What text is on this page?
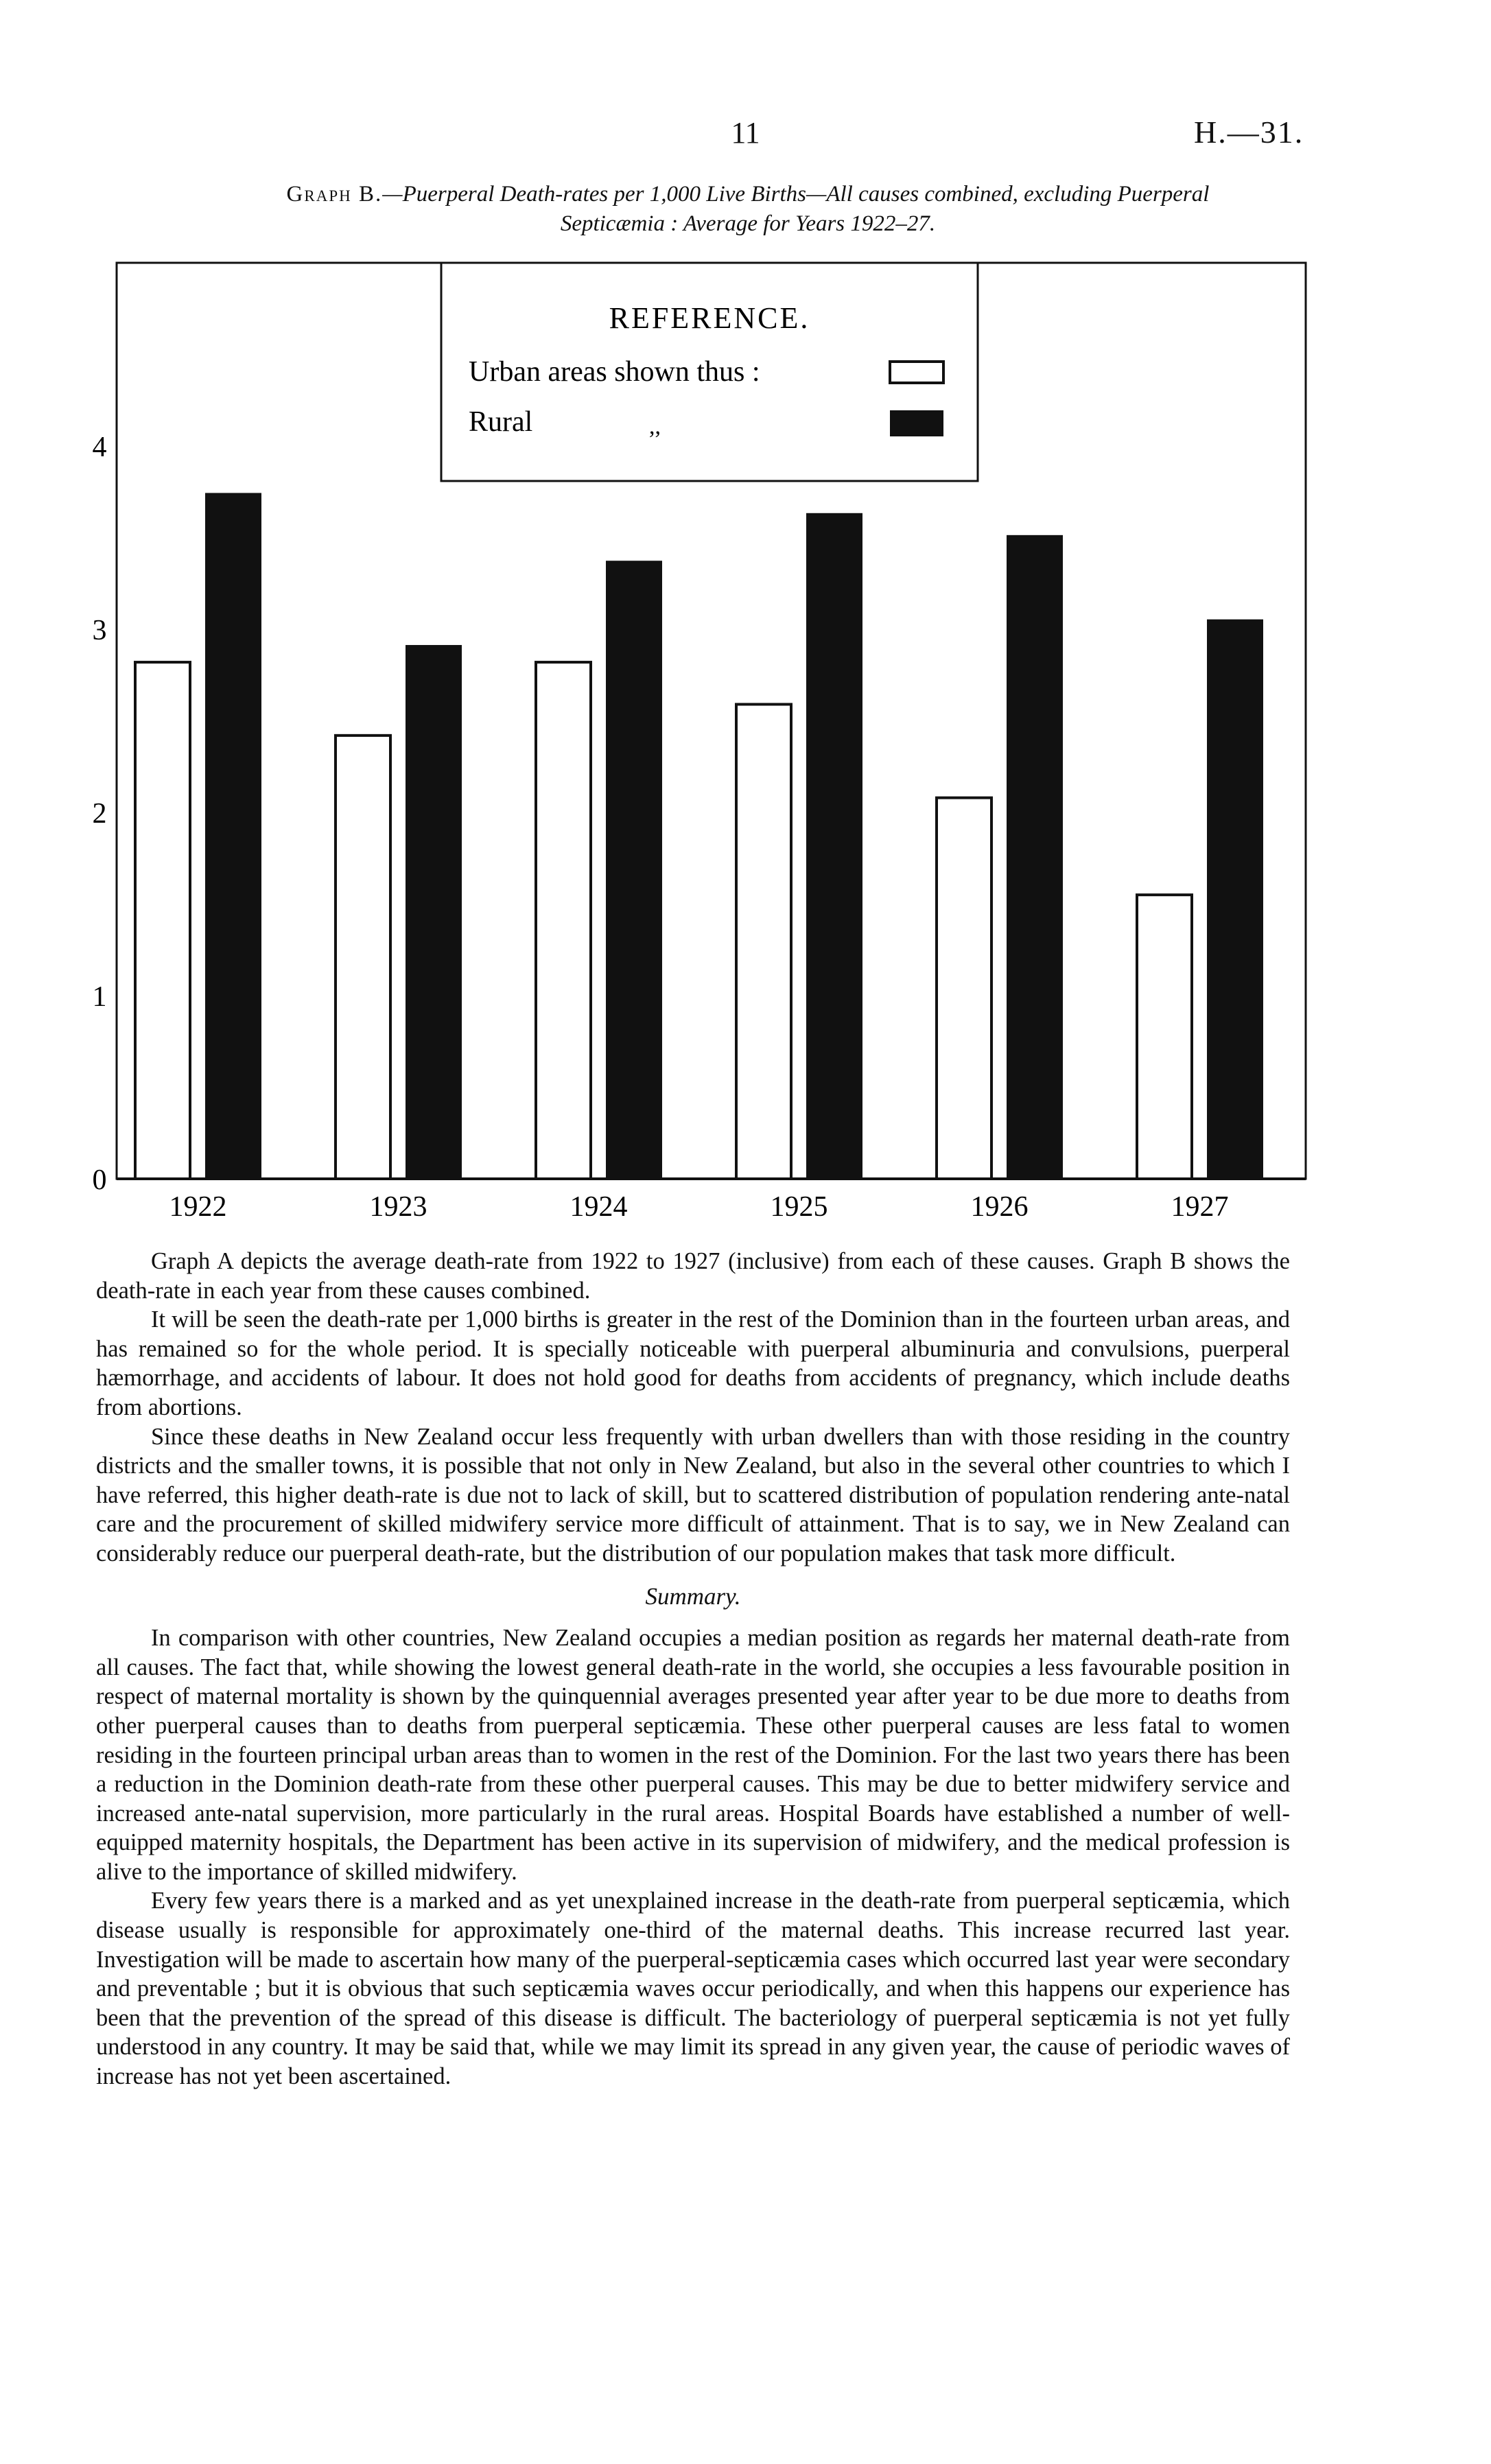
11	H.—31.
Graph B.—Puerperal Death-rates per 1,000 Live Births—All causes combined, excluding Puerperal
Septicæmia : Average for Years 1922–27.
0
1
2
3
4
1922	1923	1924	1925	1926	1927
REFERENCE.
Urban areas shown thus :
Rural	,,

Graph A depicts the average death-rate from 1922 to 1927 (inclusive) from each of these causes. Graph B shows the death-rate in each year from these causes combined.

It will be seen the death-rate per 1,000 births is greater in the rest of the Dominion than in the fourteen urban areas, and has remained so for the whole period. It is specially noticeable with puerperal albuminuria and convulsions, puerperal hæmorrhage, and accidents of labour. It does not hold good for deaths from accidents of pregnancy, which include deaths from abortions.

Since these deaths in New Zealand occur less frequently with urban dwellers than with those residing in the country districts and the smaller towns, it is possible that not only in New Zealand, but also in the several other countries to which I have referred, this higher death-rate is due not to lack of skill, but to scattered distribution of population rendering ante-natal care and the procurement of skilled midwifery service more difficult of attainment. That is to say, we in New Zealand can considerably reduce our puerperal death-rate, but the distribution of our population makes that task more difficult.

Summary.

In comparison with other countries, New Zealand occupies a median position as regards her maternal death-rate from all causes. The fact that, while showing the lowest general death-rate in the world, she occupies a less favourable position in respect of maternal mortality is shown by the quinquennial averages presented year after year to be due more to deaths from other puerperal causes than to deaths from puerperal septicæmia. These other puerperal causes are less fatal to women residing in the fourteen principal urban areas than to women in the rest of the Dominion. For the last two years there has been a reduction in the Dominion death-rate from these other puerperal causes. This may be due to better midwifery service and increased ante-natal supervision, more particularly in the rural areas. Hospital Boards have established a number of well-equipped maternity hospitals, the Department has been active in its supervision of midwifery, and the medical profession is alive to the importance of skilled midwifery.

Every few years there is a marked and as yet unexplained increase in the death-rate from puerperal septicæmia, which disease usually is responsible for approximately one-third of the maternal deaths. This increase recurred last year. Investigation will be made to ascertain how many of the puerperal-septicæmia cases which occurred last year were secondary and preventable ; but it is obvious that such septicæmia waves occur periodically, and when this happens our experience has been that the prevention of the spread of this disease is difficult. The bacteriology of puerperal septicæmia is not yet fully understood in any country. It may be said that, while we may limit its spread in any given year, the cause of periodic waves of increase has not yet been ascertained.
